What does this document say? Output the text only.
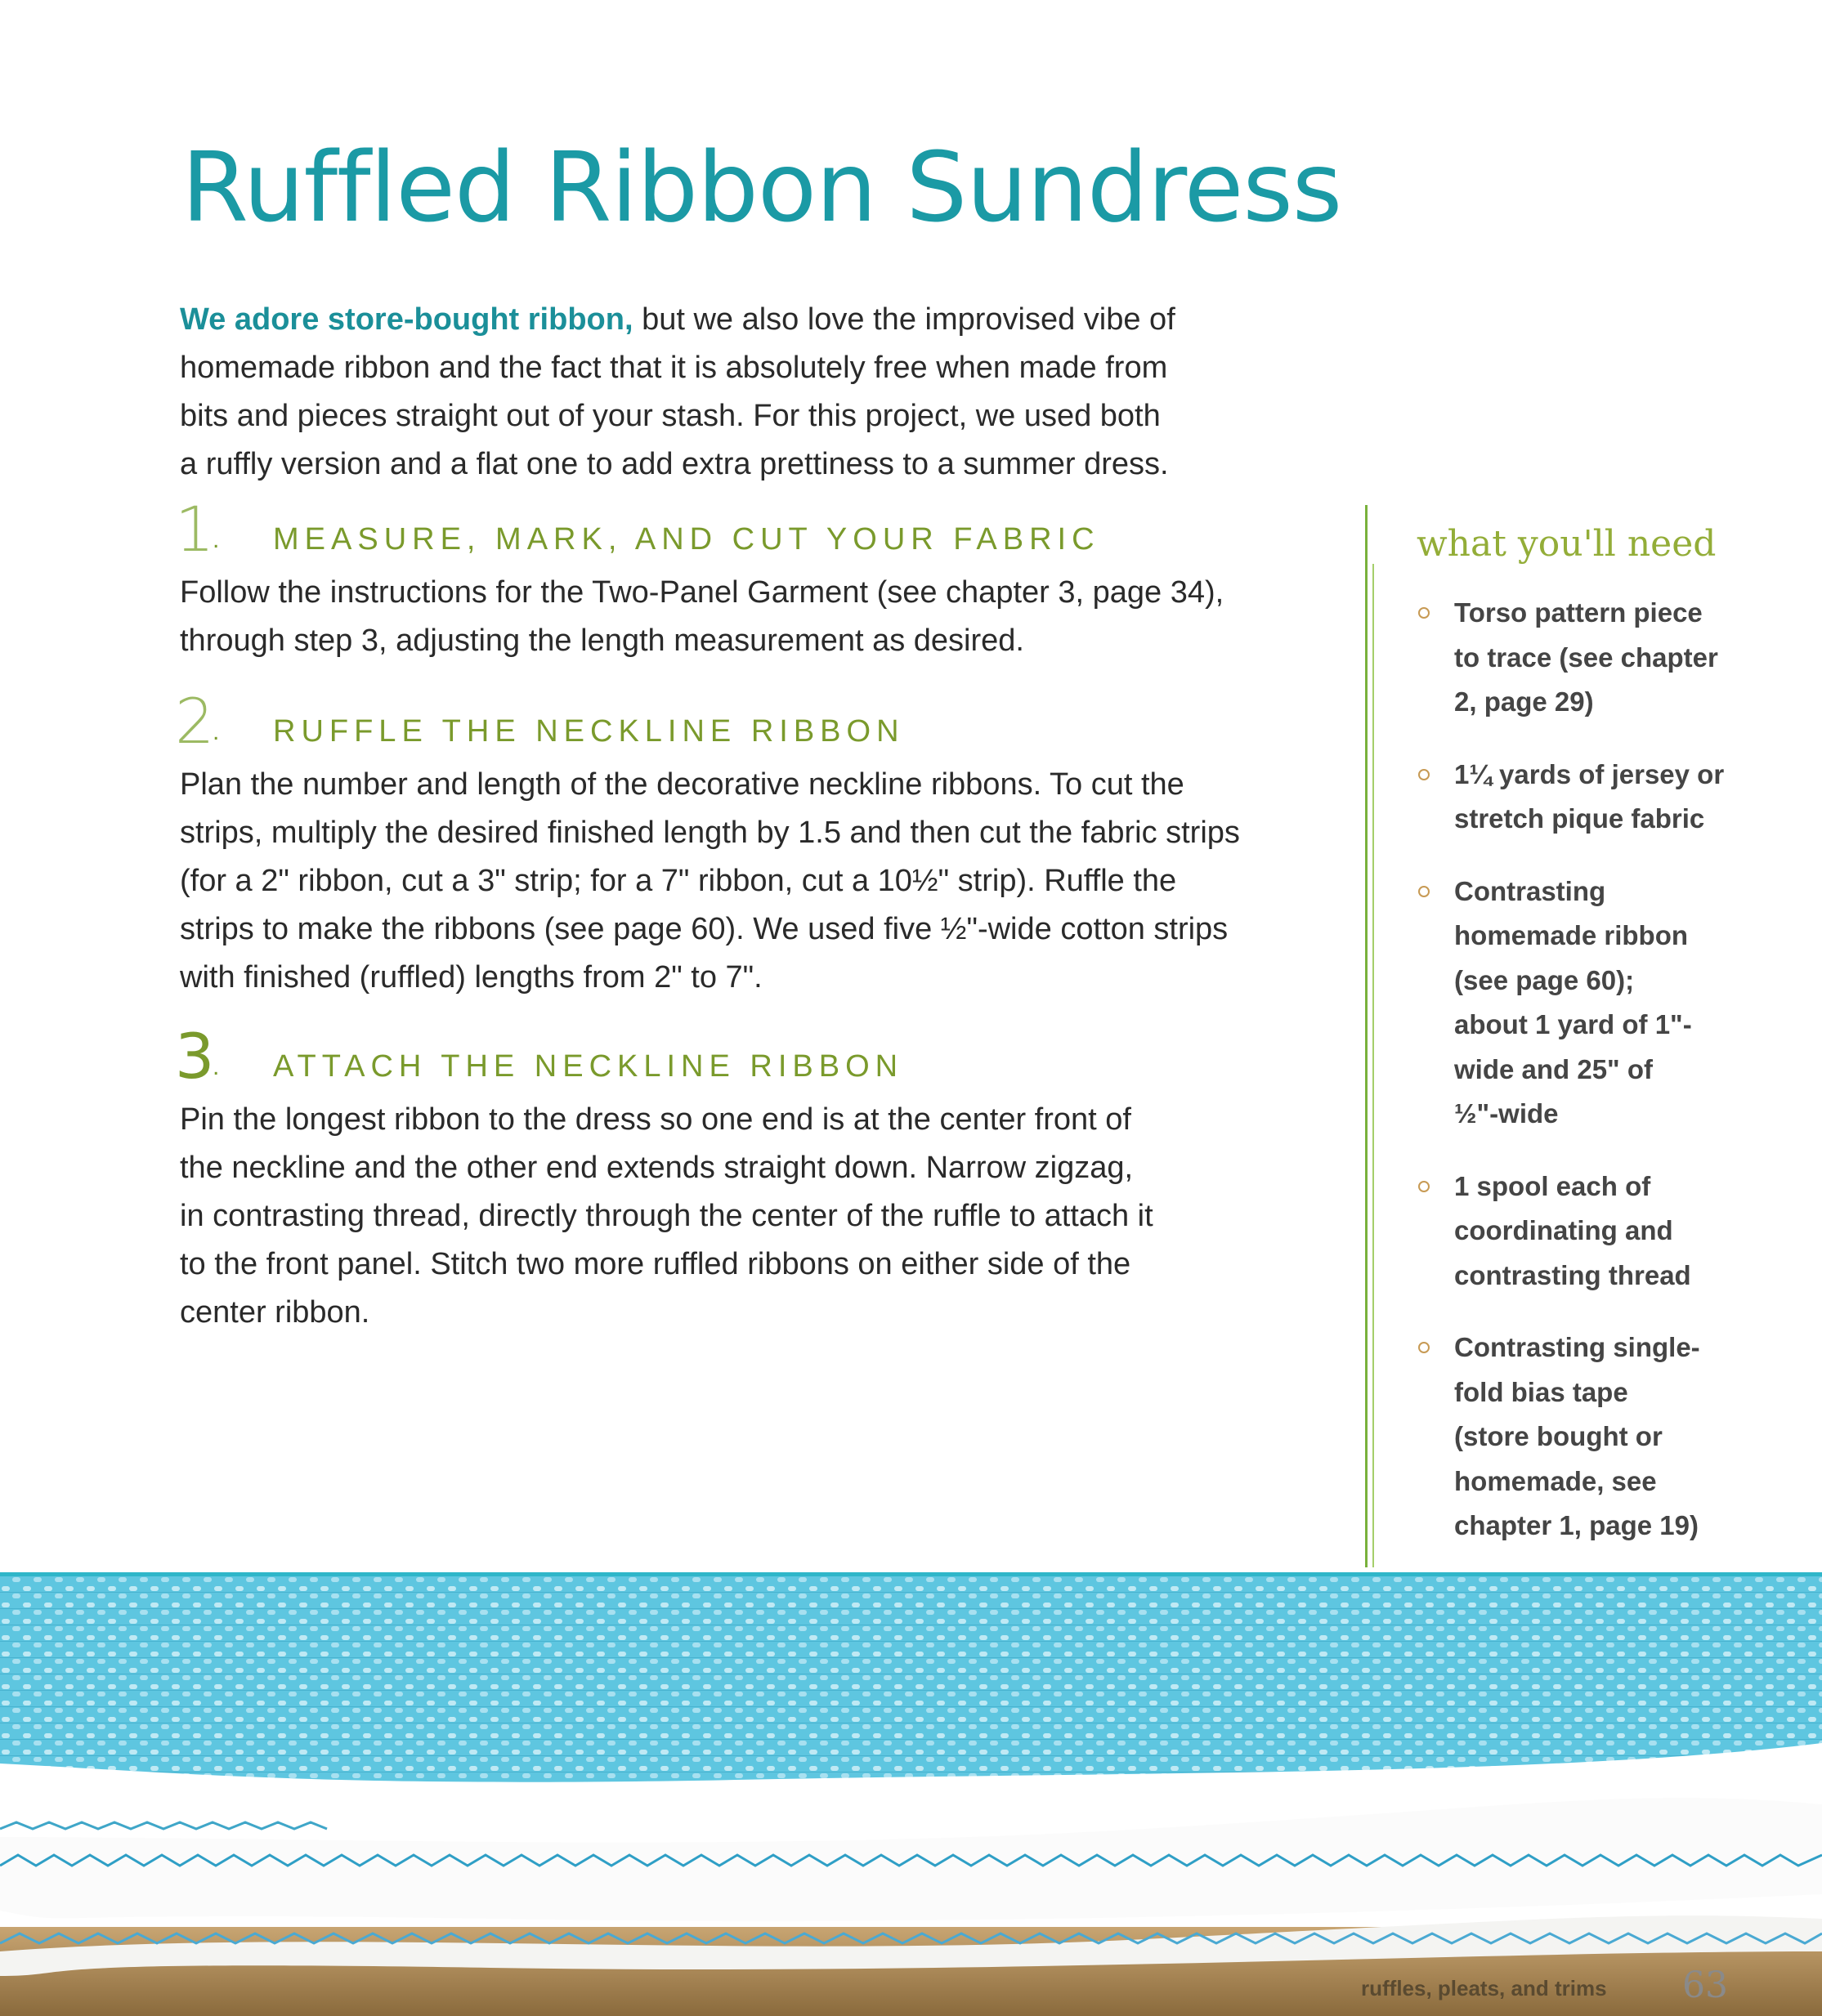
Ruffled Ribbon Sundress

We adore store-bought ribbon, but we also love the improvised vibe of
homemade ribbon and the fact that it is absolutely free when made from
bits and pieces straight out of your stash. For this project, we used both
a ruffly version and a flat one to add extra prettiness to a summer dress.

1
. MEASURE, MARK, AND CUT YOUR FABRIC

Follow the instructions for the Two-Panel Garment (see chapter 3, page 34),
through step 3, adjusting the length measurement as desired.

2
. RUFFLE THE NECKLINE RIBBON

Plan the number and length of the decorative neckline ribbons. To cut the
strips, multiply the desired finished length by 1.5 and then cut the fabric strips
(for a 2" ribbon, cut a 3" strip; for a 7" ribbon, cut a 10½" strip). Ruffle the
strips to make the ribbons (see page 60). We used five ½"-wide cotton strips
with finished (ruffled) lengths from 2" to 7".

3
. ATTACH THE NECKLINE RIBBON

Pin the longest ribbon to the dress so one end is at the center front of
the neckline and the other end extends straight down. Narrow zigzag,
in contrasting thread, directly through the center of the ruffle to attach it
to the front panel. Stitch two more ruffled ribbons on either side of the
center ribbon.

what you'll need
Torso pattern piece
to trace (see chapter
2, page 29)
1¼ yards of jersey or
stretch pique fabric
Contrasting
homemade ribbon
(see page 60);
about 1 yard of 1"-
wide and 25" of
½"-wide
1 spool each of
coordinating and
contrasting thread
Contrasting single-
fold bias tape
(store bought or
homemade, see
chapter 1, page 19)
ruffles, pleats, and trims 63
